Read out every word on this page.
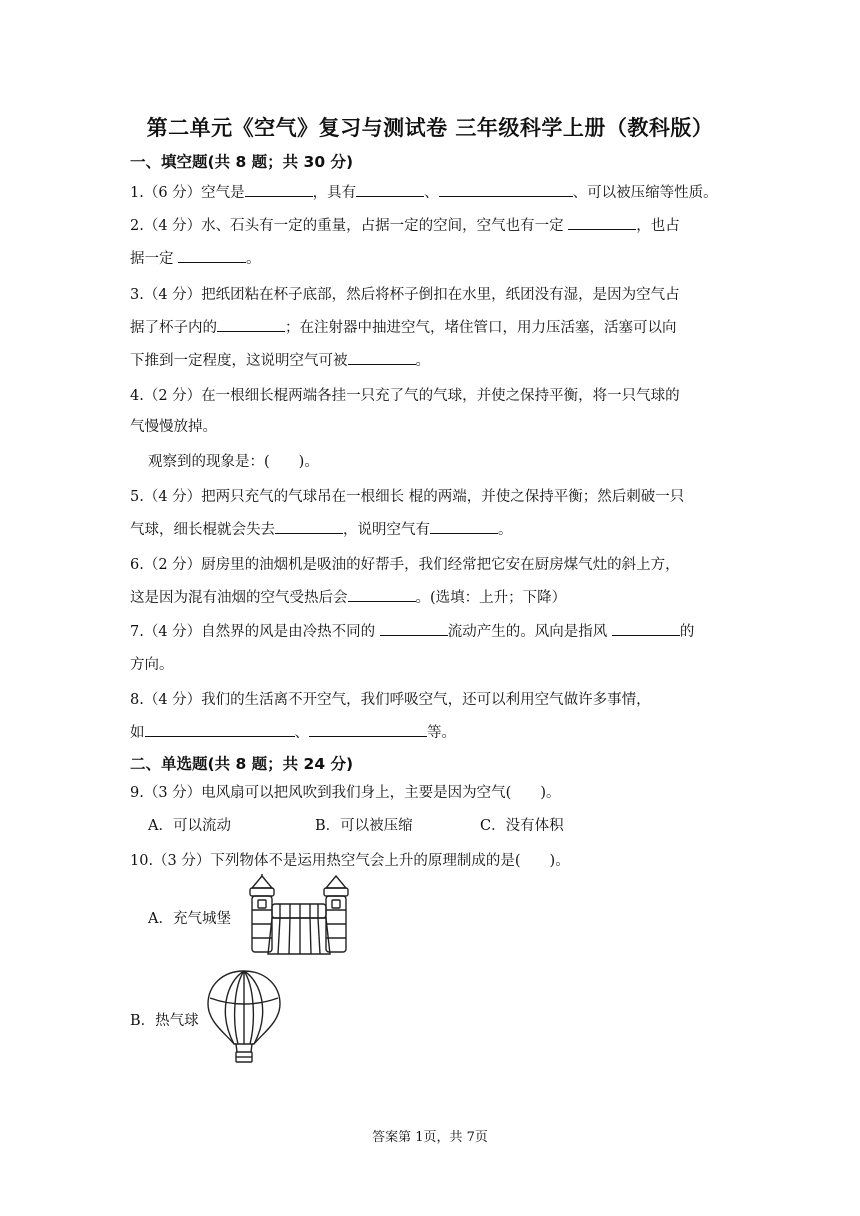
第二单元《空气》复习与测试卷 三年级科学上册（教科版）
一、填空题(共 8 题；共 30 分)
1.（6 分）空气是	，具有	、	、可以被压缩等性质。
2.（4 分）水、石头有一定的重量，占据一定的空间，空气也有一定	，也占
据一定	。
3.（4 分）把纸团粘在杯子底部，然后将杯子倒扣在水里，纸团没有湿，是因为空气占
据了杯子内的	；在注射器中抽进空气，堵住管口，用力压活塞，活塞可以向
下推到一定程度，这说明空气可被	。
4.（2 分）在一根细长棍两端各挂一只充了气的气球，并使之保持平衡，将一只气球的
气慢慢放掉。
观察到的现象是：(　　)。
5.（4 分）把两只充气的气球吊在一根细长 棍的两端，并使之保持平衡；然后刺破一只
气球，细长棍就会失去	，说明空气有	。
6.（2 分）厨房里的油烟机是吸油的好帮手，我们经常把它安在厨房煤气灶的斜上方，
这是因为混有油烟的空气受热后会	。(选填：上升；下降）
7.（4 分）自然界的风是由冷热不同的	流动产生的。风向是指风	的
方向。
8.（4 分）我们的生活离不开空气，我们呼吸空气，还可以利用空气做许多事情，
如	、	等。
二、单选题(共 8 题；共 24 分)
9.（3 分）电风扇可以把风吹到我们身上，主要是因为空气(　　)。
A．可以流动	B．可以被压缩	C．没有体积
10.（3 分）下列物体不是运用热空气会上升的原理制成的是(　　)。
A．充气城堡
B．热气球
答案第 1页，共 7页
